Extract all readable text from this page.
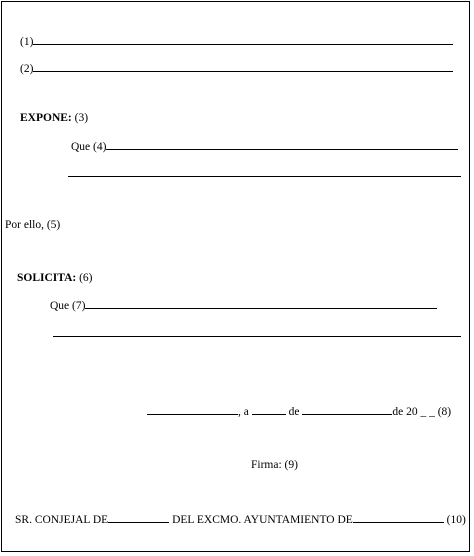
(1)
(2)
EXPONE: (3)
Que (4)
Por ello, (5)
SOLICITA: (6)
Que (7)
, a	de	de 20 _ _ (8)
Firma: (9)
SR. CONJEJAL DE	DEL EXCMO. AYUNTAMIENTO DE	(10)
